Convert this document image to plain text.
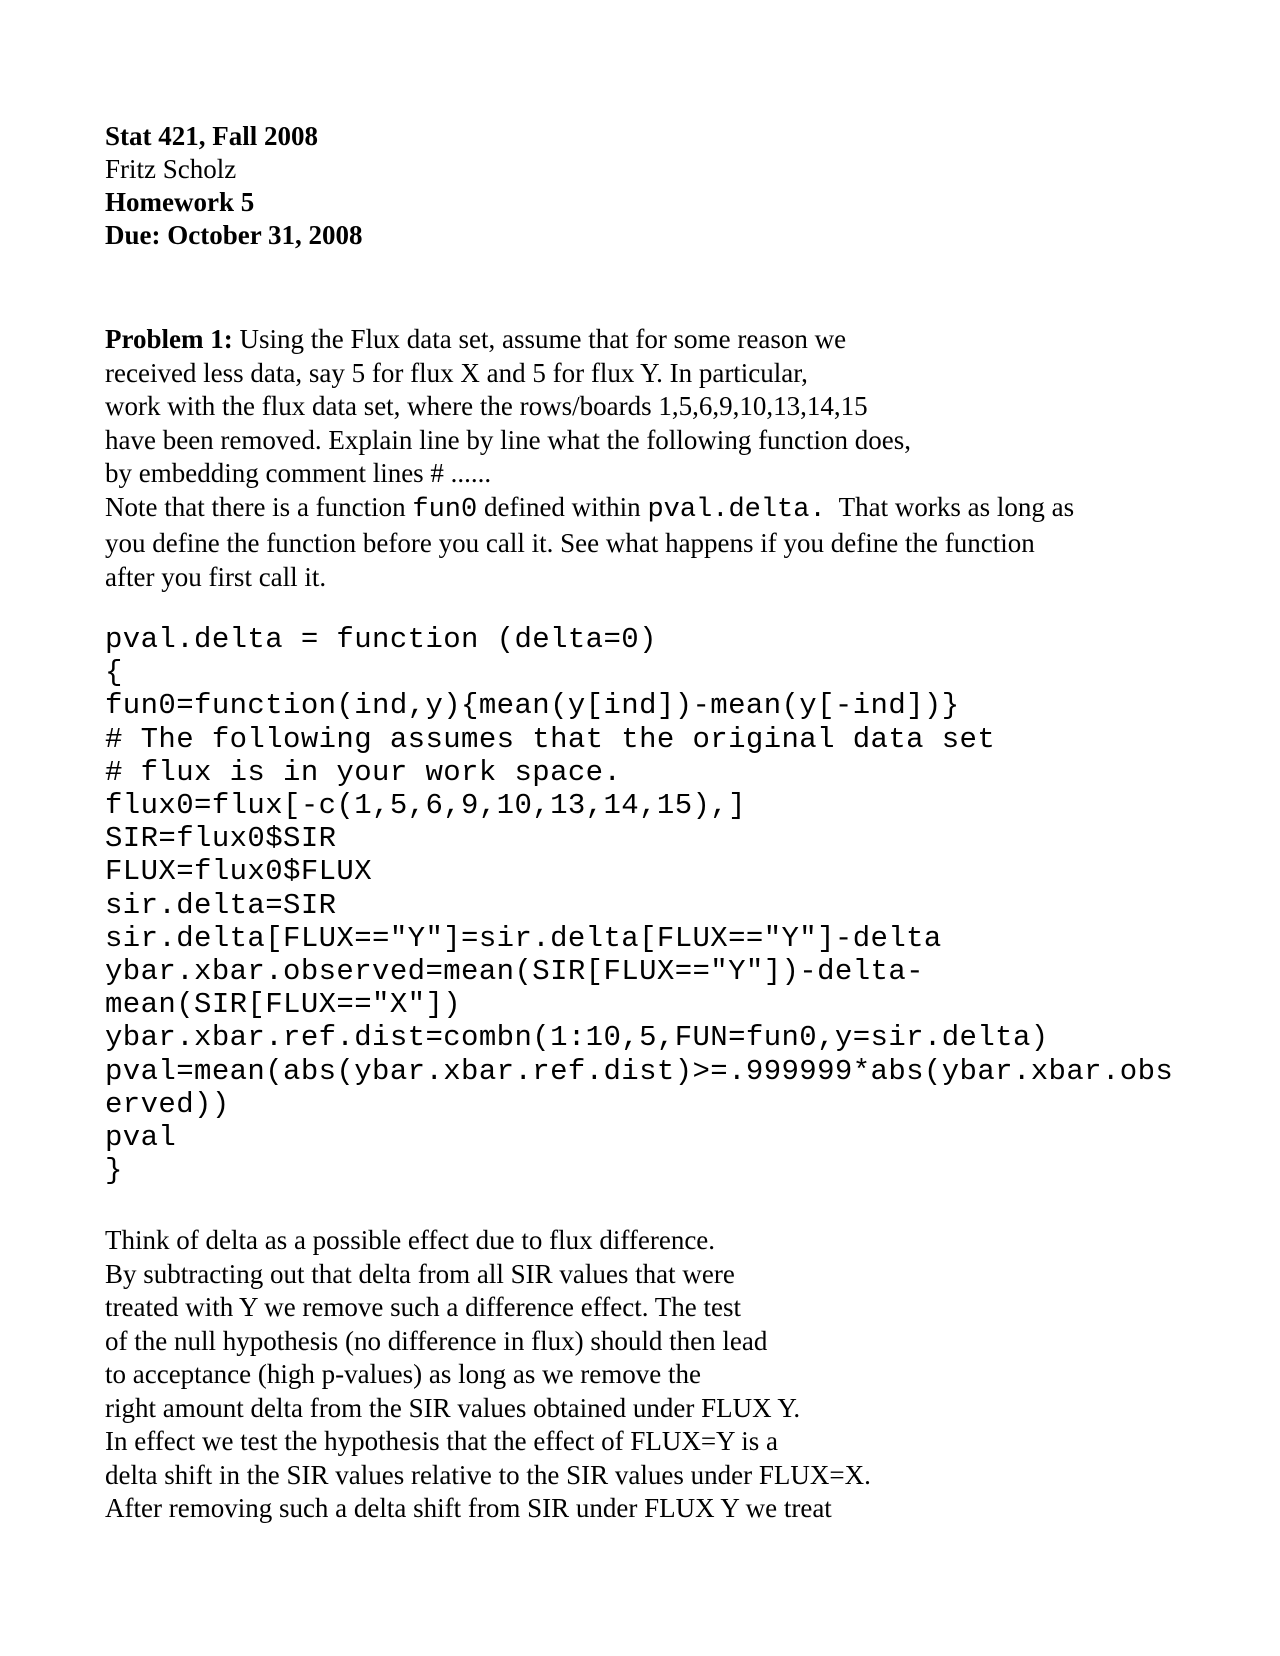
Stat 421, Fall 2008
Fritz Scholz
Homework 5
Due: October 31, 2008
Problem 1: Using the Flux data set, assume that for some reason we
received less data, say 5 for flux X and 5 for flux Y. In particular,
work with the flux data set, where the rows/boards 1,5,6,9,10,13,14,15
have been removed. Explain line by line what the following function does,
by embedding comment lines # ......
Note that there is a function fun0 defined within pval.delta.  That works as long as
you define the function before you call it. See what happens if you define the function
after you first call it.
pval.delta = function (delta=0)
{
fun0=function(ind,y){mean(y[ind])-mean(y[-ind])}
# The following assumes that the original data set
# flux is in your work space.
flux0=flux[-c(1,5,6,9,10,13,14,15),]
SIR=flux0$SIR
FLUX=flux0$FLUX
sir.delta=SIR
sir.delta[FLUX=="Y"]=sir.delta[FLUX=="Y"]-delta
ybar.xbar.observed=mean(SIR[FLUX=="Y"])-delta-
mean(SIR[FLUX=="X"])
ybar.xbar.ref.dist=combn(1:10,5,FUN=fun0,y=sir.delta)
pval=mean(abs(ybar.xbar.ref.dist)>=.999999*abs(ybar.xbar.obs
erved))
pval
}
Think of delta as a possible effect due to flux difference.
By subtracting out that delta from all SIR values that were
treated with Y we remove such a difference effect. The test
of the null hypothesis (no difference in flux) should then lead
to acceptance (high p-values) as long as we remove the
right amount delta from the SIR values obtained under FLUX Y.
In effect we test the hypothesis that the effect of FLUX=Y is a
delta shift in the SIR values relative to the SIR values under FLUX=X.
After removing such a delta shift from SIR under FLUX Y we treat
